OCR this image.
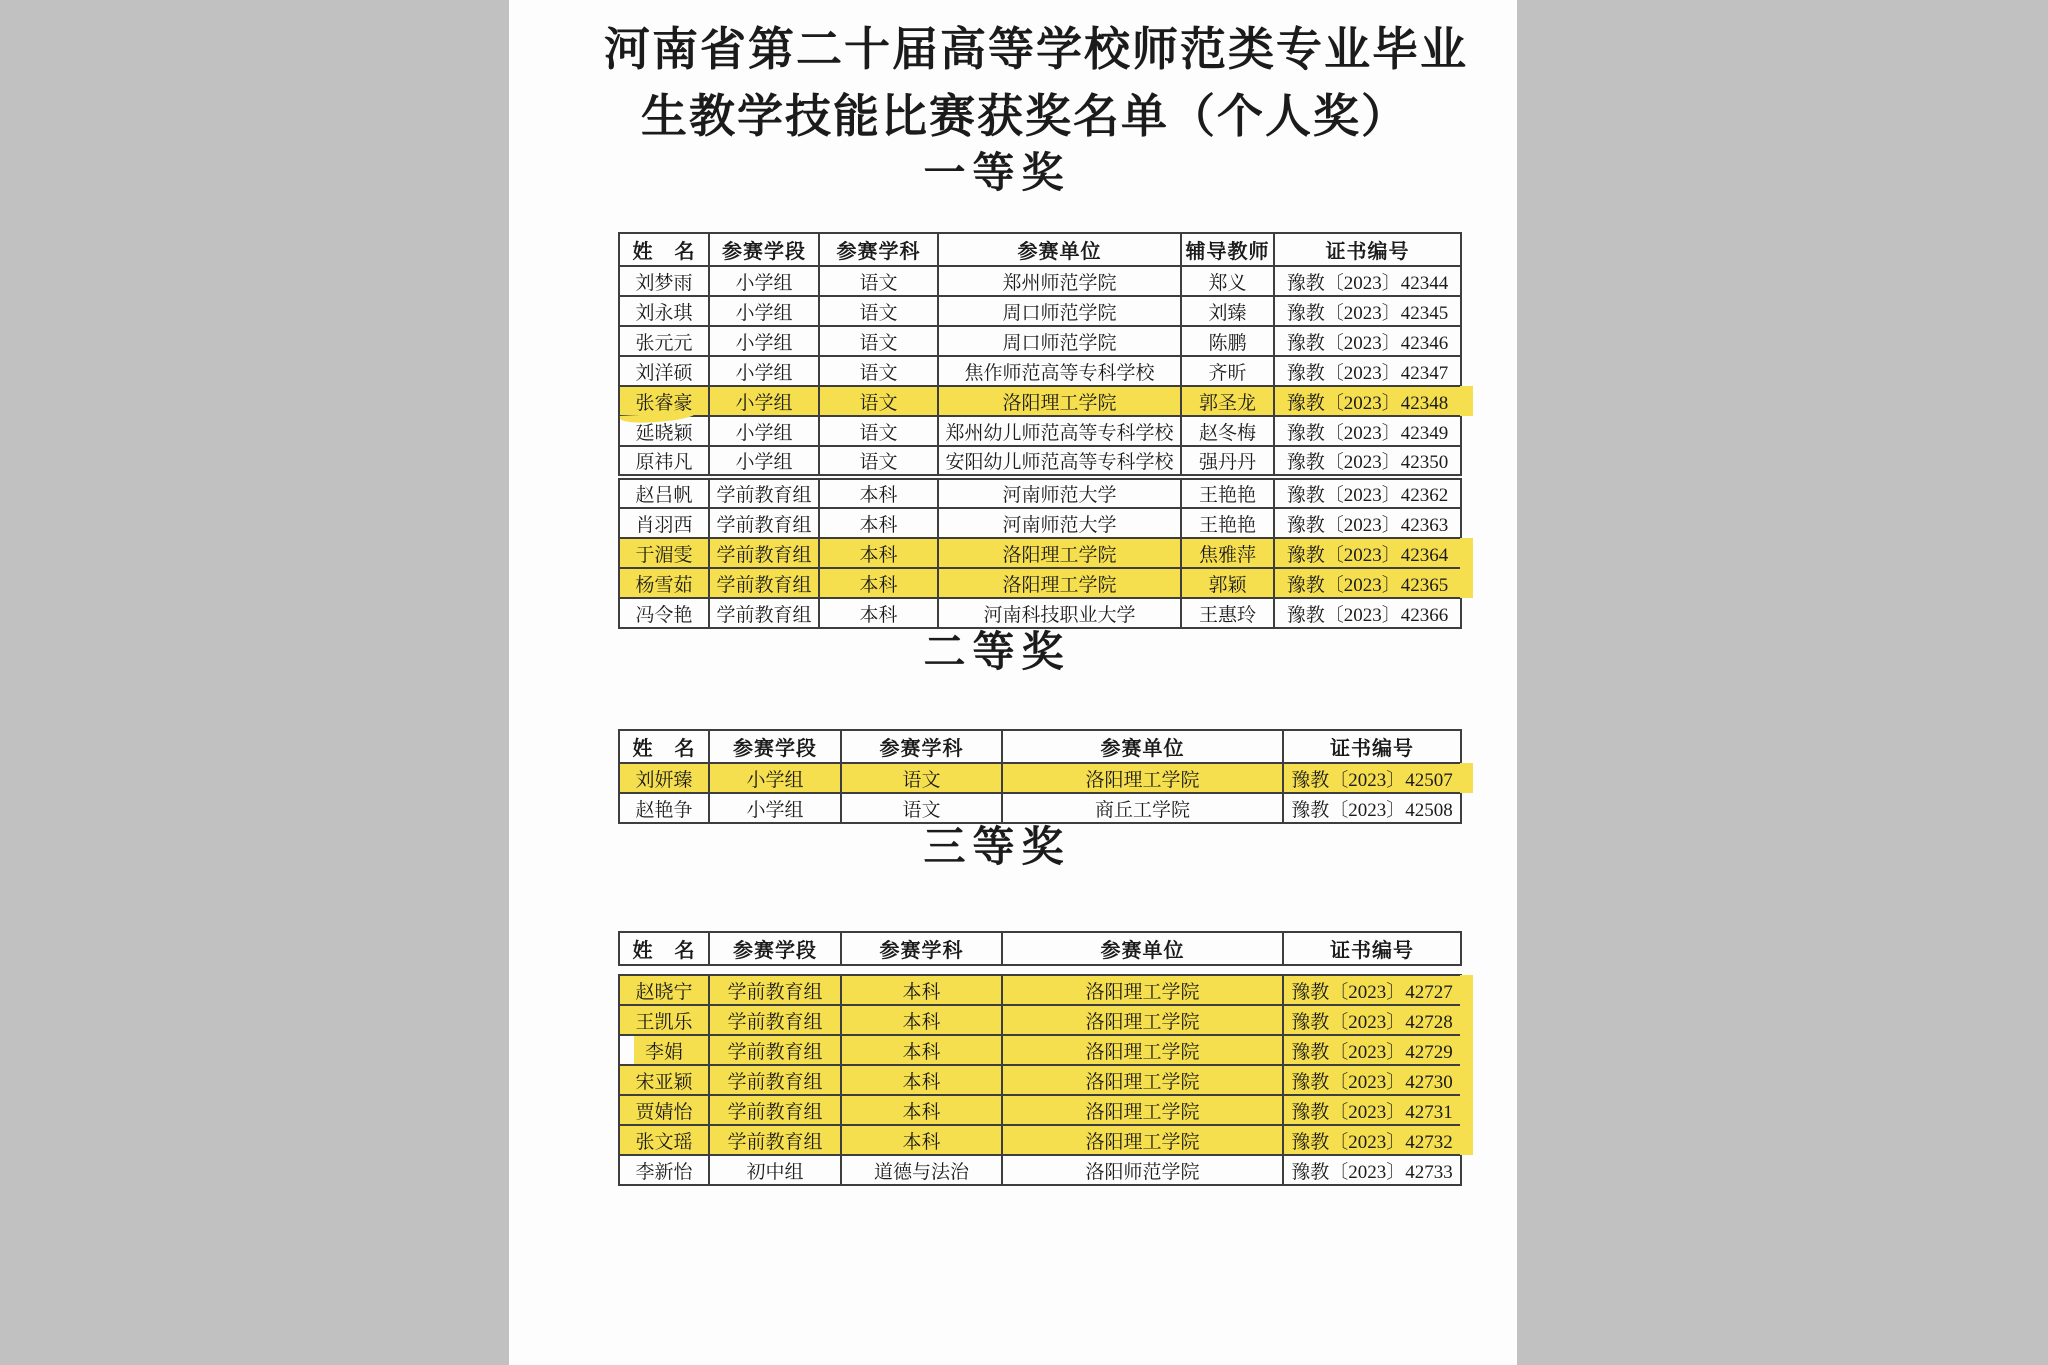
河南省第二十届高等学校师范类专业毕业
生教学技能比赛获奖名单（个人奖）
一等奖
姓　名	参赛学段	参赛学科	参赛单位	辅导教师	证书编号
刘梦雨	小学组	语文	郑州师范学院	郑义	豫教〔2023〕42344
刘永琪	小学组	语文	周口师范学院	刘臻	豫教〔2023〕42345
张元元	小学组	语文	周口师范学院	陈鹏	豫教〔2023〕42346
刘洋硕	小学组	语文	焦作师范高等专科学校	齐昕	豫教〔2023〕42347
张睿豪	小学组	语文	洛阳理工学院	郭圣龙	豫教〔2023〕42348
延晓颖	小学组	语文	郑州幼儿师范高等专科学校	赵冬梅	豫教〔2023〕42349
原祎凡	小学组	语文	安阳幼儿师范高等专科学校	强丹丹	豫教〔2023〕42350
赵吕帆	学前教育组	本科	河南师范大学	王艳艳	豫教〔2023〕42362
肖羽西	学前教育组	本科	河南师范大学	王艳艳	豫教〔2023〕42363
于湄雯	学前教育组	本科	洛阳理工学院	焦雅萍	豫教〔2023〕42364
杨雪茹	学前教育组	本科	洛阳理工学院	郭颖	豫教〔2023〕42365
冯令艳	学前教育组	本科	河南科技职业大学	王惠玲	豫教〔2023〕42366
二等奖
姓　名	参赛学段	参赛学科	参赛单位	证书编号
刘妍臻	小学组	语文	洛阳理工学院	豫教〔2023〕42507
赵艳争	小学组	语文	商丘工学院	豫教〔2023〕42508
三等奖
姓　名	参赛学段	参赛学科	参赛单位	证书编号
赵晓宁	学前教育组	本科	洛阳理工学院	豫教〔2023〕42727
王凯乐	学前教育组	本科	洛阳理工学院	豫教〔2023〕42728
李娟	学前教育组	本科	洛阳理工学院	豫教〔2023〕42729
宋亚颖	学前教育组	本科	洛阳理工学院	豫教〔2023〕42730
贾婧怡	学前教育组	本科	洛阳理工学院	豫教〔2023〕42731
张文瑶	学前教育组	本科	洛阳理工学院	豫教〔2023〕42732
李新怡	初中组	道德与法治	洛阳师范学院	豫教〔2023〕42733
